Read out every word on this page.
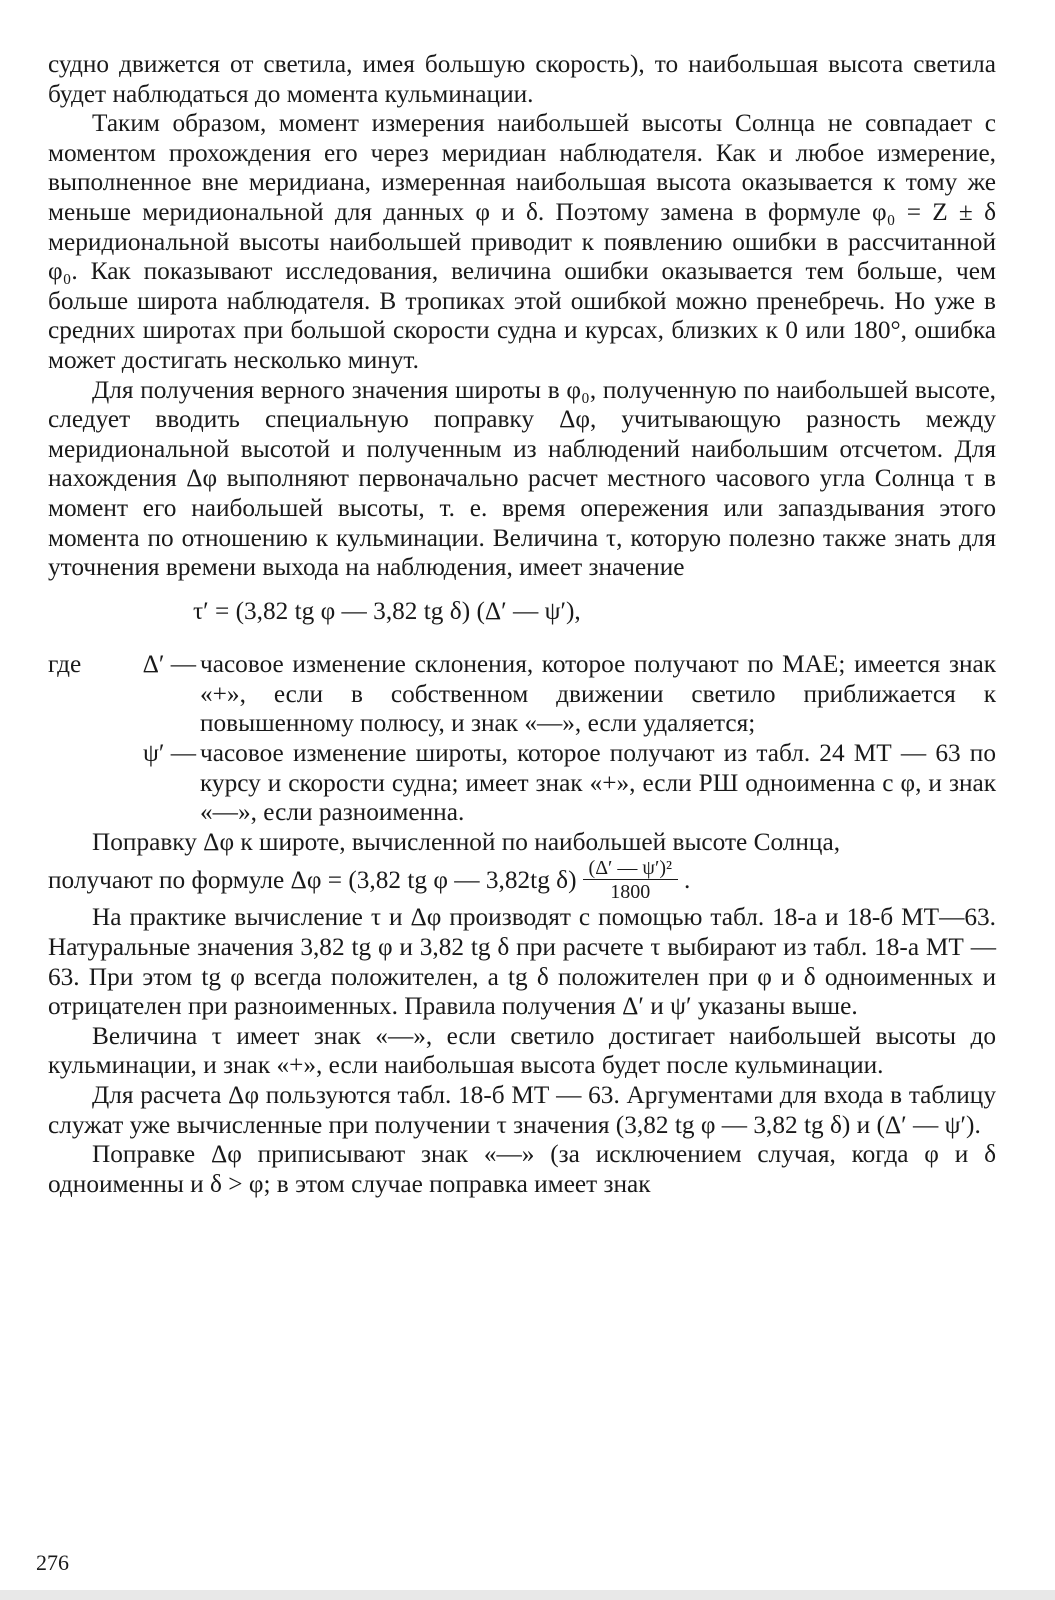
судно движется от светила, имея большую скорость), то наибольшая высота светила будет наблюдаться до момента кульминации.

Таким образом, момент измерения наибольшей высоты Солнца не совпадает с моментом прохождения его через меридиан наблюдателя. Как и любое измерение, выполненное вне меридиана, измеренная наибольшая высота оказывается к тому же меньше меридиональной для данных φ и δ. Поэтому замена в формуле φ₀ = Z ± δ меридиональной высоты наибольшей приводит к появлению ошибки в рассчитанной φ₀. Как показывают исследования, величина ошибки оказывается тем больше, чем больше широта наблюдателя. В тропиках этой ошибкой можно пренебречь. Но уже в средних широтах при большой скорости судна и курсах, близких к 0 или 180°, ошибка может достигать несколько минут.

Для получения верного значения широты в φ₀, полученную по наибольшей высоте, следует вводить специальную поправку Δφ, учитывающую разность между меридиональной высотой и полученным из наблюдений наибольшим отсчетом. Для нахождения Δφ выполняют первоначально расчет местного часового угла Солнца τ в момент его наибольшей высоты, т. е. время опережения или запаздывания этого момента по отношению к кульминации. Величина τ, которую полезно также знать для уточнения времени выхода на наблюдения, имеет значение

τ′ = (3,82 tg φ — 3,82 tg δ) (Δ′ — ψ′),

где Δ′ — часовое изменение склонения, которое получают по МАЕ; имеется знак «+», если в собственном движении светило приближается к повышенному полюсу, и знак «—», если удаляется;
ψ′ — часовое изменение широты, которое получают из табл. 24 МТ — 63 по курсу и скорости судна; имеет знак «+», если РШ одноименна с φ, и знак «—», если разноименна.

Поправку Δφ к широте, вычисленной по наибольшей высоте Солнца,

получают по формуле Δφ = (3,82 tg φ — 3,82tg $\delta) \frac{\text{(Δ′ — ψ′)²}}{1800}$ .

На практике вычисление τ и Δφ производят с помощью табл. 18-а и 18-б МТ—63. Натуральные значения 3,82 tg φ и 3,82 tg δ при расчете τ выбирают из табл. 18-а МТ — 63. При этом tg φ всегда положителен, а tg δ положителен при φ и δ одноименных и отрицателен при разноименных. Правила получения Δ′ и ψ′ указаны выше.

Величина τ имеет знак «—», если светило достигает наибольшей высоты до кульминации, и знак «+», если наибольшая высота будет после кульминации.

Для расчета Δφ пользуются табл. 18-б МТ — 63. Аргументами для входа в таблицу служат уже вычисленные при получении τ значения (3,82 tg φ — 3,82 tg δ) и (Δ′ — ψ′).

Поправке Δφ приписывают знак «—» (за исключением случая, когда φ и δ одноименны и δ > φ; в этом случае поправка имеет знак

276
